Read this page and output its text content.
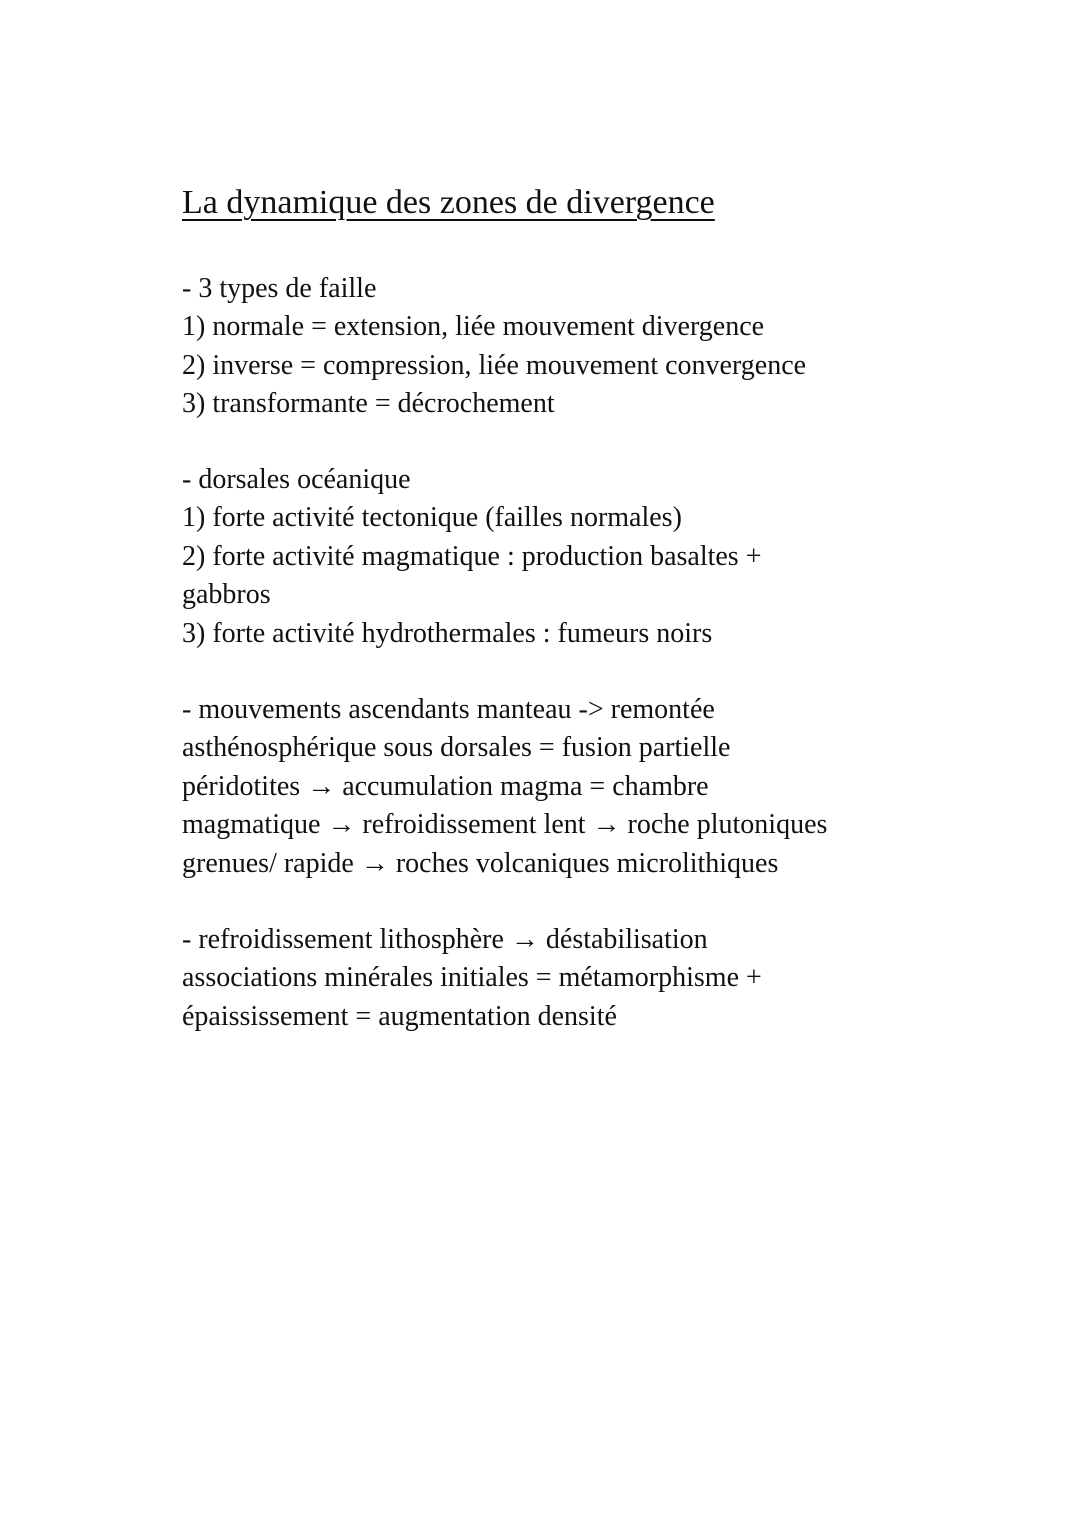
La dynamique des zones de divergence
- 3 types de faille
1) normale = extension, liée mouvement divergence
2) inverse = compression, liée mouvement convergence
3) transformante = décrochement
- dorsales océanique
1) forte activité tectonique (failles normales)
2) forte activité magmatique : production basaltes +
gabbros
3) forte activité hydrothermales : fumeurs noirs
- mouvements ascendants manteau -> remontée
asthénosphérique sous dorsales = fusion partielle
péridotites → accumulation magma = chambre
magmatique → refroidissement lent → roche plutoniques
grenues/ rapide → roches volcaniques microlithiques
- refroidissement lithosphère → déstabilisation
associations minérales initiales = métamorphisme +
épaississement = augmentation densité
